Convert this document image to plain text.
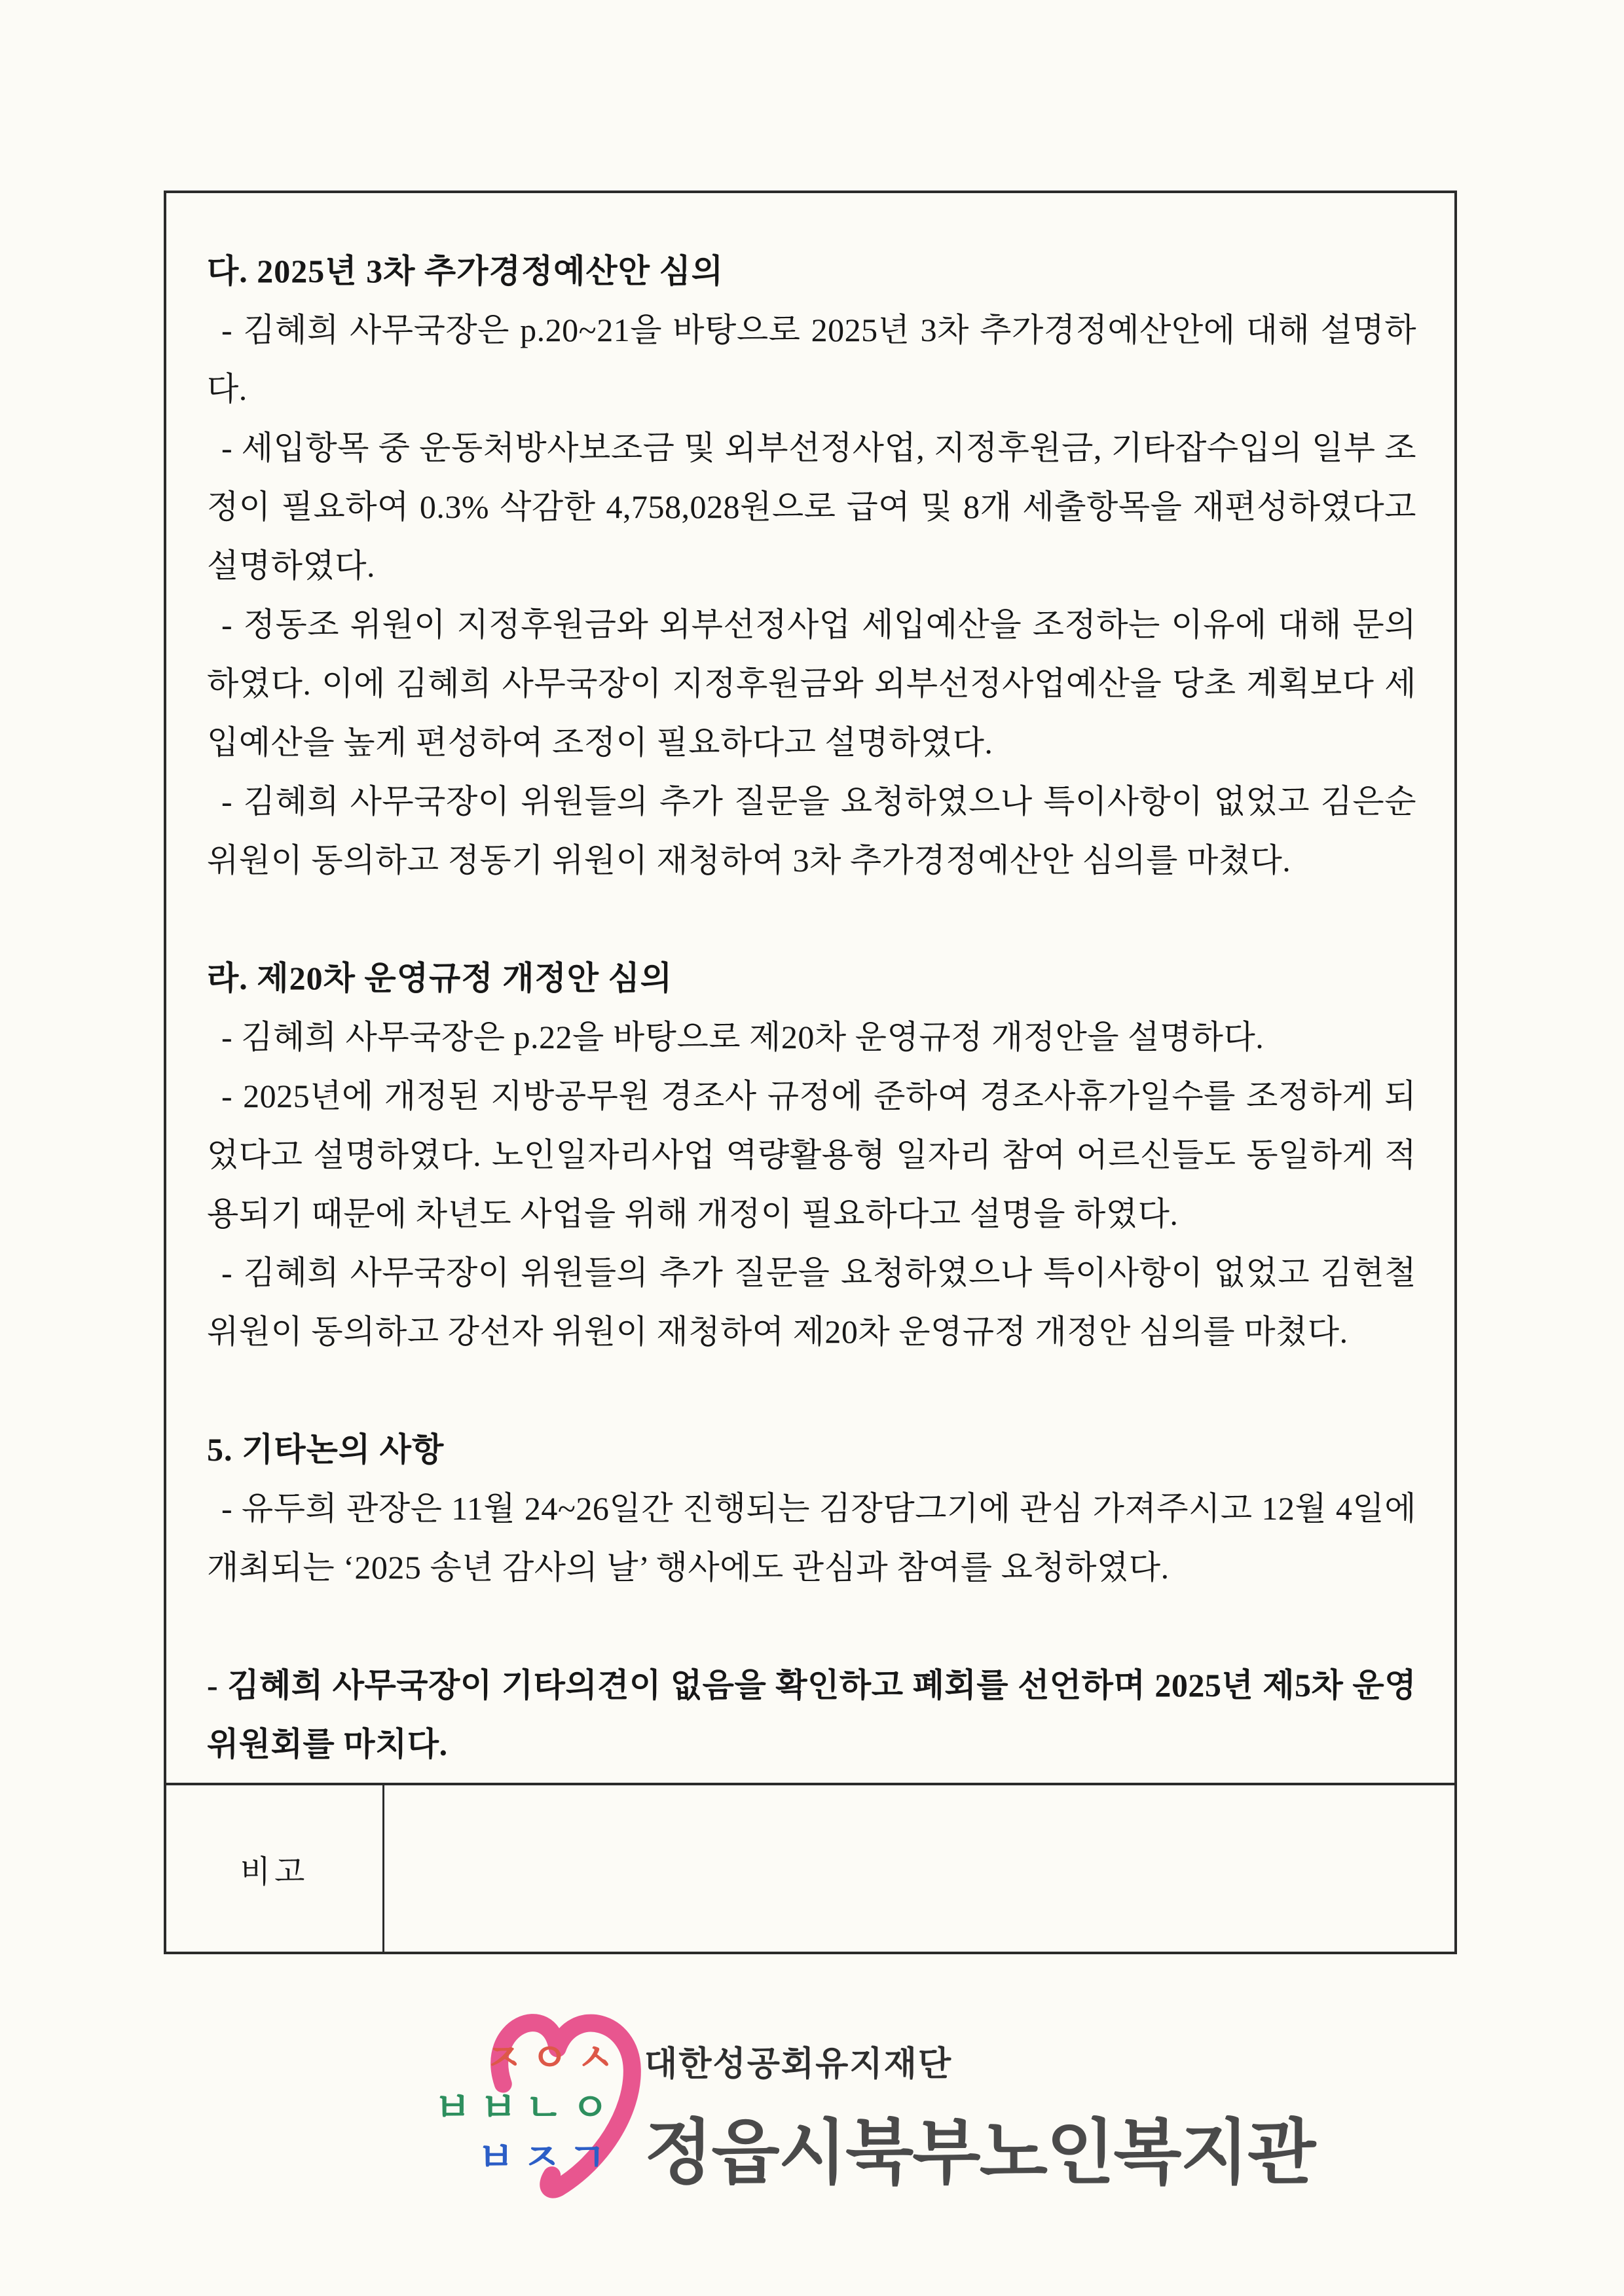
다. 2025년 3차 추가경정예산안 심의

- 김혜희 사무국장은 p.20~21을 바탕으로 2025년 3차 추가경정예산안에 대해 설명하다.

- 세입항목 중 운동처방사보조금 및 외부선정사업, 지정후원금, 기타잡수입의 일부 조정이 필요하여 0.3% 삭감한 4,758,028원으로 급여 및 8개 세출항목을 재편성하였다고 설명하였다.

- 정동조 위원이 지정후원금와 외부선정사업 세입예산을 조정하는 이유에 대해 문의하였다. 이에 김혜희 사무국장이 지정후원금와 외부선정사업예산을 당초 계획보다 세입예산을 높게 편성하여 조정이 필요하다고 설명하였다.

- 김혜희 사무국장이 위원들의 추가 질문을 요청하였으나 특이사항이 없었고 김은순 위원이 동의하고 정동기 위원이 재청하여 3차 추가경정예산안 심의를 마쳤다.

라. 제20차 운영규정 개정안 심의

- 김혜희 사무국장은 p.22을 바탕으로 제20차 운영규정 개정안을 설명하다.

- 2025년에 개정된 지방공무원 경조사 규정에 준하여 경조사휴가일수를 조정하게 되었다고 설명하였다. 노인일자리사업 역량활용형 일자리 참여 어르신들도 동일하게 적용되기 때문에 차년도 사업을 위해 개정이 필요하다고 설명을 하였다.

- 김혜희 사무국장이 위원들의 추가 질문을 요청하였으나 특이사항이 없었고 김현철 위원이 동의하고 강선자 위원이 재청하여 제20차 운영규정 개정안 심의를 마쳤다.

5. 기타논의 사항

- 유두희 관장은 11월 24~26일간 진행되는 김장담그기에 관심 가져주시고 12월 4일에 개최되는 ‘2025 송년 감사의 날’ 행사에도 관심과 참여를 요청하였다.

- 김혜희 사무국장이 기타의견이 없음을 확인하고 폐회를 선언하며 2025년 제5차 운영위원회를 마치다.

비고
ㅈㅇㅅ
ㅂㅂㄴㅇ
ㅂㅈㄱ
대한성공회유지재단
정읍시북부노인복지관
